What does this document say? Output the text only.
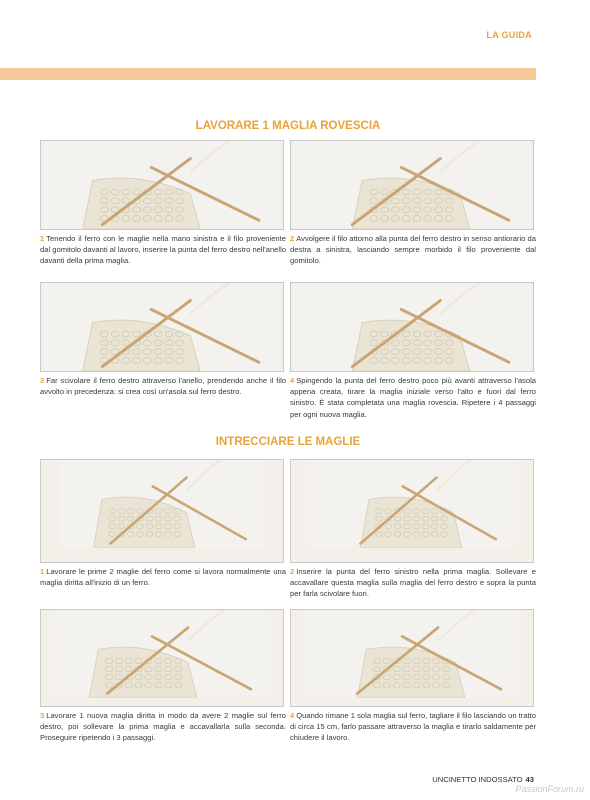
LA GUIDA
LAVORARE 1 MAGLIA ROVESCIA
1 Tenendo il ferro con le maglie nella mano sinistra e il filo proveniente dal gomitolo davanti al lavoro, inserire la punta del ferro destro nell'anello davanti della prima maglia.
2 Avvolgere il filo attorno alla punta del ferro destro in senso antiorario da destra a sinistra, lasciando sempre morbido il filo proveniente dal gomitolo.
3 Far scivolare il ferro destro attraverso l'anello, prendendo anche il filo avvolto in precedenza: si crea così un'asola sul ferro destro.
4 Spingendo la punta del ferro destro poco più avanti attraverso l'asola appena creata, tirare la maglia iniziale verso l'alto e fuori dal ferro sinistro. È stata completata una maglia rovescia. Ripetere i 4 passaggi per ogni nuova maglia.
INTRECCIARE LE MAGLIE
1 Lavorare le prime 2 maglie del ferro come si lavora normalmente una maglia diritta all'inizio di un ferro.
2 Inserire la punta del ferro sinistro nella prima maglia. Sollevare e accavallare questa maglia sulla maglia del ferro destro e sopra la punta per farla scivolare fuori.
3 Lavorare 1 nuova maglia diritta in modo da avere 2 maglie sul ferro destro, poi sollevare la prima maglia e accavallarla sulla seconda. Proseguire ripetendo i 3 passaggi.
4 Quando rimane 1 sola maglia sul ferro, tagliare il filo lasciando un tratto di circa 15 cm, farlo passare attraverso la maglia e tirarlo saldamente per chiudere il lavoro.
UNCINETTO INDOSSATO 43
PassionForum.ru
